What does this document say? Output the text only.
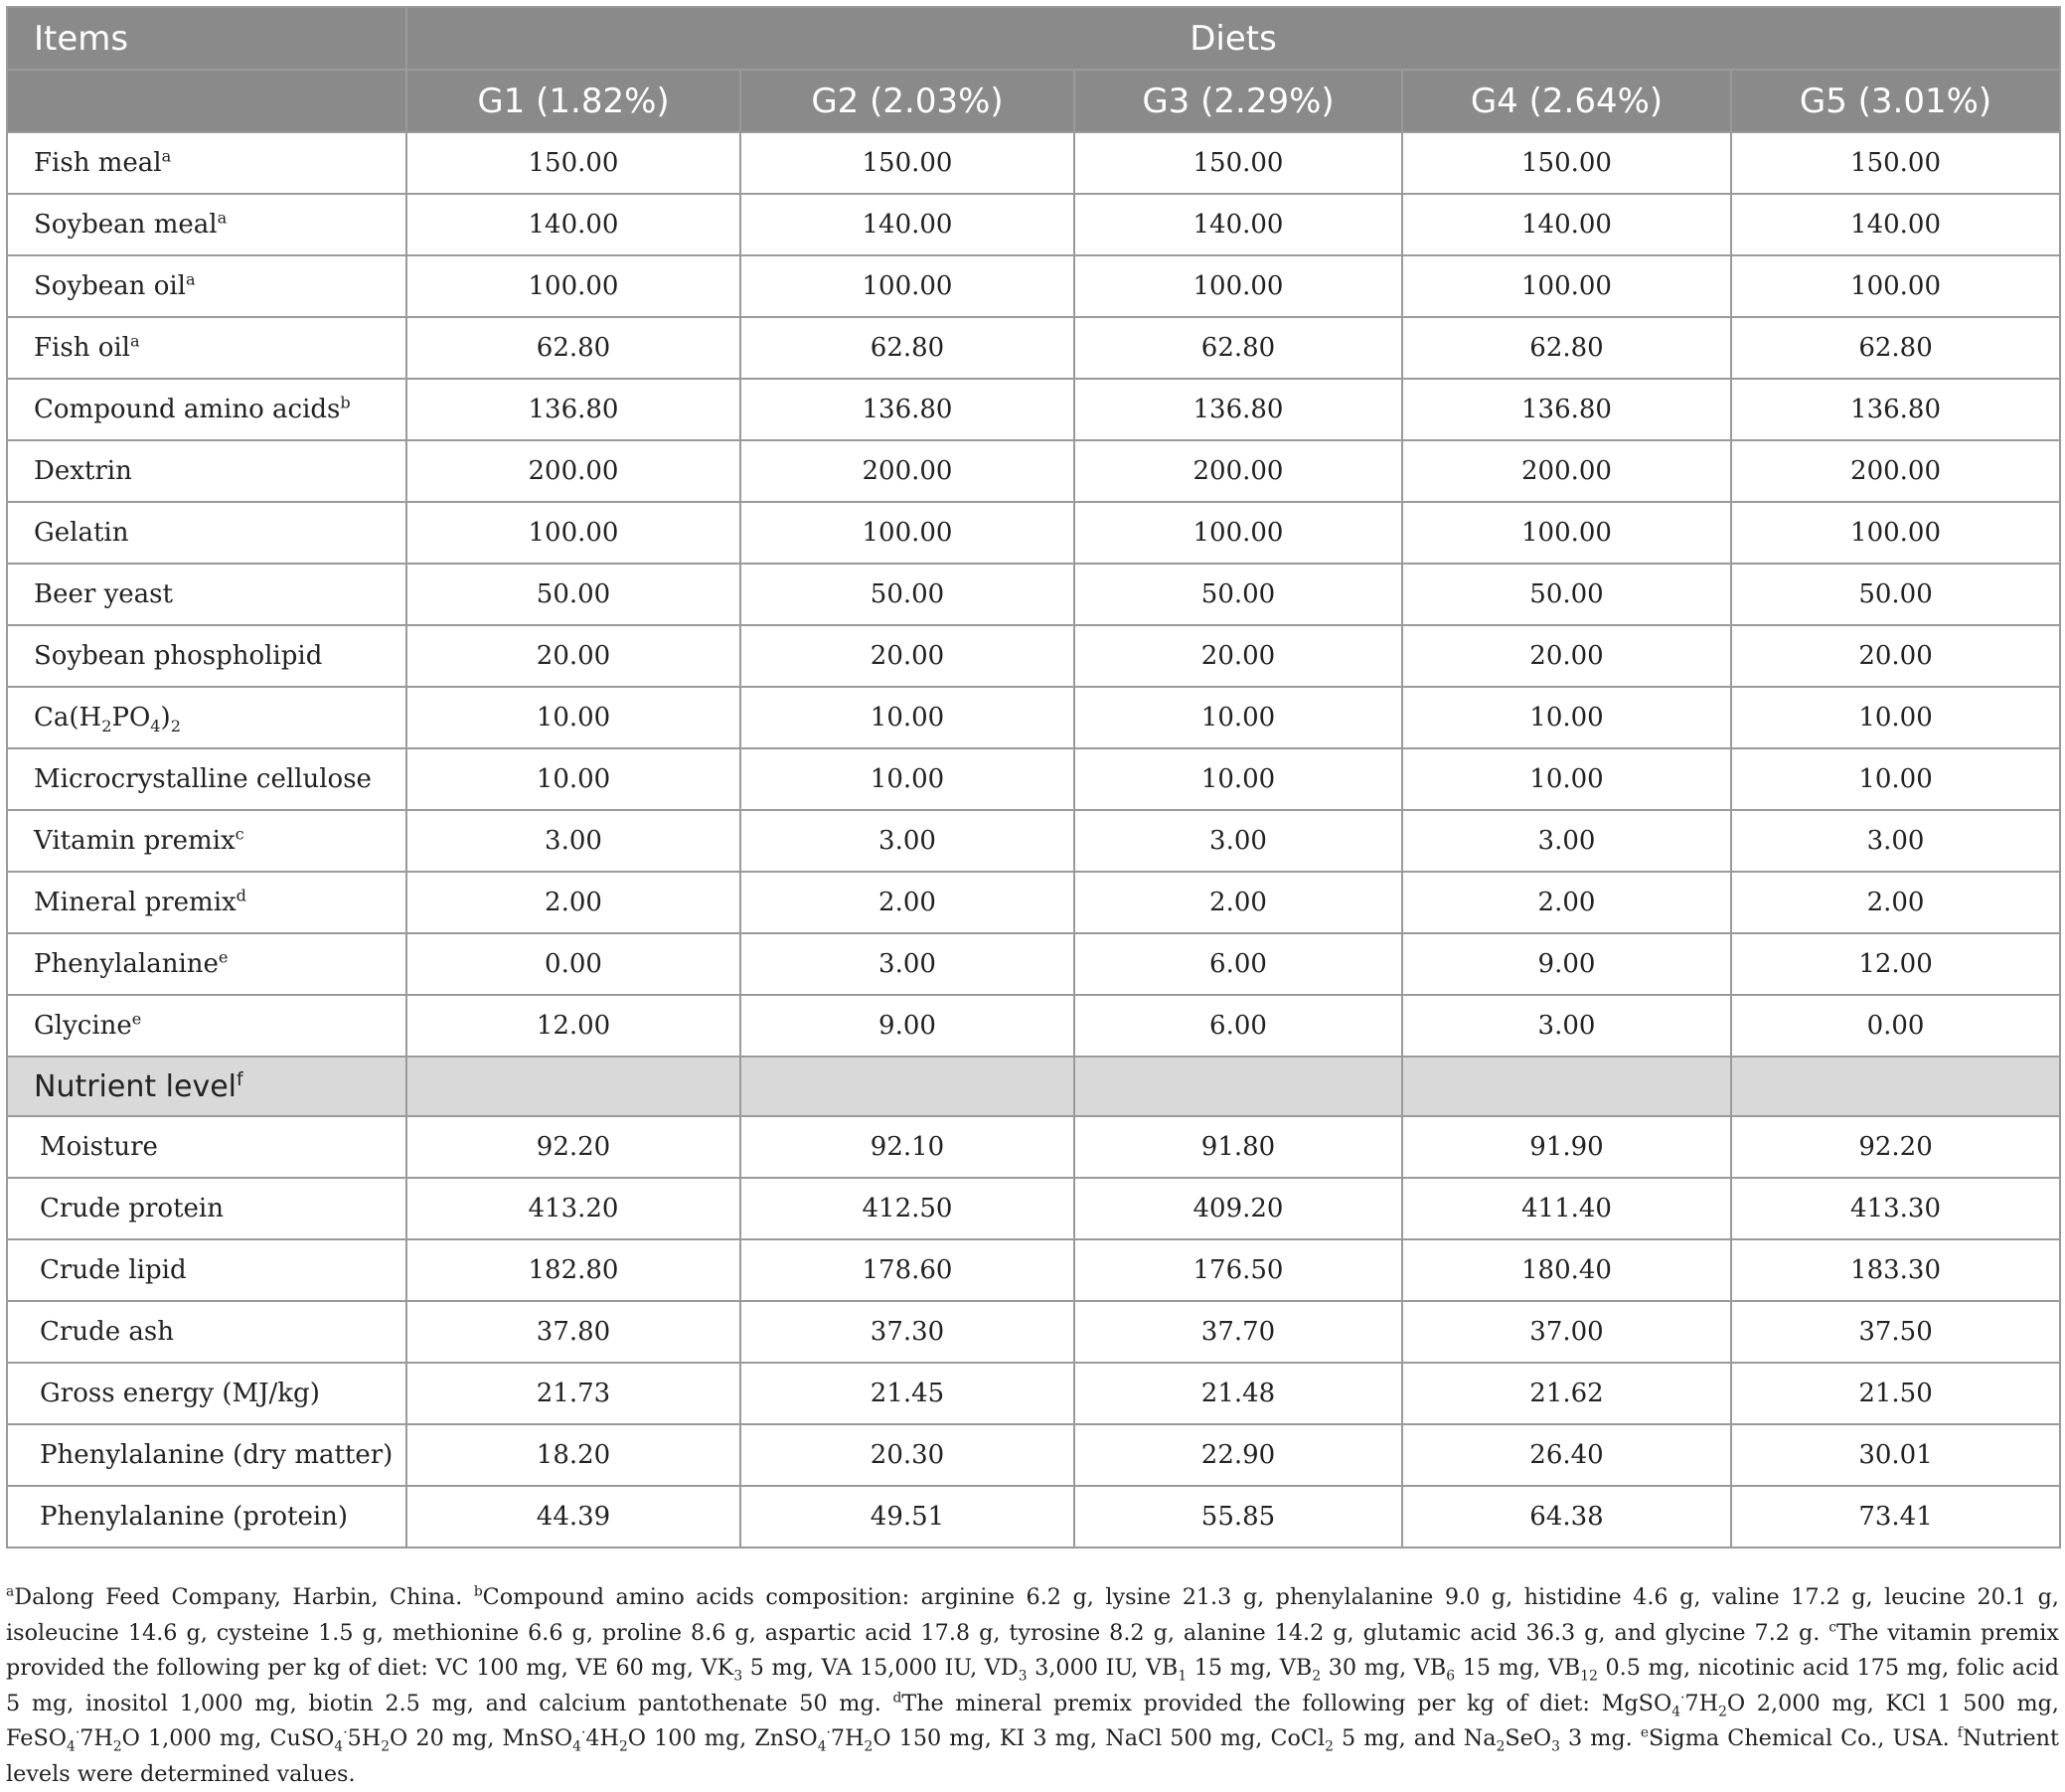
Items	Diets				
	G1 (1.82%)	G2 (2.03%)	G3 (2.29%)	G4 (2.64%)	G5 (3.01%)
Fish meal$^a$	150.00	150.00	150.00	150.00	150.00
Soybean meal$^a$	140.00	140.00	140.00	140.00	140.00
Soybean oil$^a$	100.00	100.00	100.00	100.00	100.00
Fish oil$^a$	62.80	62.80	62.80	62.80	62.80
Compound amino acids$^b$	136.80	136.80	136.80	136.80	136.80
Dextrin	200.00	200.00	200.00	200.00	200.00
Gelatin	100.00	100.00	100.00	100.00	100.00
Beer yeast	50.00	50.00	50.00	50.00	50.00
Soybean phospholipid	20.00	20.00	20.00	20.00	20.00
$Ca(H_2PO_4)_2$	10.00	10.00	10.00	10.00	10.00
Microcrystalline cellulose	10.00	10.00	10.00	10.00	10.00
Vitamin premix$^c$	3.00	3.00	3.00	3.00	3.00
Mineral premix$^d$	2.00	2.00	2.00	2.00	2.00
Phenylalanine$^e$	0.00	3.00	6.00	9.00	12.00
Glycine$^e$	12.00	9.00	6.00	3.00	0.00
Nutrient level$^f$					
Moisture	92.20	92.10	91.80	91.90	92.20
Crude protein	413.20	412.50	409.20	411.40	413.30
Crude lipid	182.80	178.60	176.50	180.40	183.30
Crude ash	37.80	37.30	37.70	37.00	37.50
Gross energy (MJ/kg)	21.73	21.45	21.48	21.62	21.50
Phenylalanine (dry matter)	18.20	20.30	22.90	26.40	30.01
Phenylalanine (protein)	44.39	49.51	55.85	64.38	73.41

$^a$Dalong Feed Company, Harbin, China. $^b$Compound amino acids composition: arginine 6.2 g, lysine 21.3 g, phenylalanine 9.0 g, histidine 4.6 g, valine 17.2 g, leucine 20.1 g, isoleucine 14.6 g, cysteine 1.5 g, methionine 6.6 g, proline 8.6 g, aspartic acid 17.8 g, tyrosine 8.2 g, alanine 14.2 g, glutamic acid 36.3 g, and glycine 7.2 g. $^c$The vitamin premix provided the following per kg of diet: VC 100 mg, VE 60 mg, $VK_3$ 5 mg, VA 15,000 IU, $VD_3$ 3,000 IU, $VB_1$ 15 mg, $VB_2$ 30 mg, $VB_6$ 15 mg, $VB_{12}$ 0.5 mg, nicotinic acid 175 mg, folic acid 5 mg, inositol 1,000 mg, biotin 2.5 mg, and calcium pantothenate 50 mg. $^d$The mineral premix provided the following per kg of diet: $MgSO_4^\cdot 7H_2O$ 2,000 mg, KCl 1 500 mg, $FeSO_4^\cdot 7H_2O$ 1,000 mg, $CuSO_4^\cdot 5H_2O$ 20 mg, $MnSO_4^\cdot 4H_2O$ 100 mg, $ZnSO_4^\cdot 7H_2O$ 150 mg, KI 3 mg, NaCl 500 mg, CoCl$_2$ 5 mg, and $Na_2SeO_3$ 3 mg. $^e$Sigma Chemical Co., USA. $^f$Nutrient levels were determined values.
